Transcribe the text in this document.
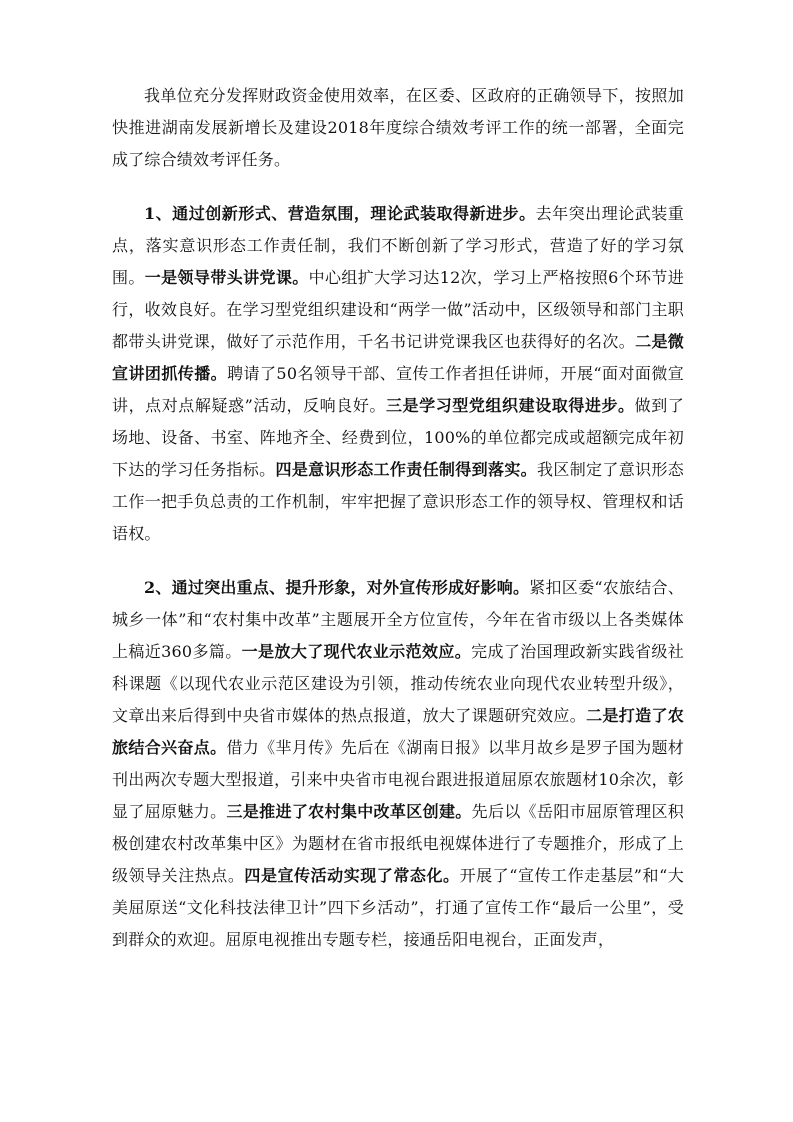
我单位充分发挥财政资金使用效率，在区委、区政府的正确领导下，按照加快推进湖南发展新增长及建设2018年度综合绩效考评工作的统一部署，全面完成了综合绩效考评任务。

1、通过创新形式、营造氛围，理论武装取得新进步。去年突出理论武装重点，落实意识形态工作责任制，我们不断创新了学习形式，营造了好的学习氛围。一是领导带头讲党课。中心组扩大学习达12次，学习上严格按照6个环节进行，收效良好。在学习型党组织建设和“两学一做”活动中，区级领导和部门主职都带头讲党课，做好了示范作用，千名书记讲党课我区也获得好的名次。二是微宣讲团抓传播。聘请了50名领导干部、宣传工作者担任讲师，开展“面对面微宣讲，点对点解疑惑”活动，反响良好。三是学习型党组织建设取得进步。做到了场地、设备、书室、阵地齐全、经费到位，100%的单位都完成或超额完成年初下达的学习任务指标。四是意识形态工作责任制得到落实。我区制定了意识形态工作一把手负总责的工作机制，牢牢把握了意识形态工作的领导权、管理权和话语权。

2、通过突出重点、提升形象，对外宣传形成好影响。紧扣区委“农旅结合、城乡一体”和“农村集中改革”主题展开全方位宣传，今年在省市级以上各类媒体上稿近360多篇。一是放大了现代农业示范效应。完成了治国理政新实践省级社科课题《以现代农业示范区建设为引领，推动传统农业向现代农业转型升级》，文章出来后得到中央省市媒体的热点报道，放大了课题研究效应。二是打造了农旅结合兴奋点。借力《芈月传》先后在《湖南日报》以芈月故乡是罗子国为题材刊出两次专题大型报道，引来中央省市电视台跟进报道屈原农旅题材10余次，彰显了屈原魅力。三是推进了农村集中改革区创建。先后以《岳阳市屈原管理区积极创建农村改革集中区》为题材在省市报纸电视媒体进行了专题推介，形成了上级领导关注热点。四是宣传活动实现了常态化。开展了“宣传工作走基层”和“大美屈原送“文化科技法律卫计”四下乡活动”，打通了宣传工作“最后一公里”，受到群众的欢迎。屈原电视推出专题专栏，接通岳阳电视台，正面发声，
